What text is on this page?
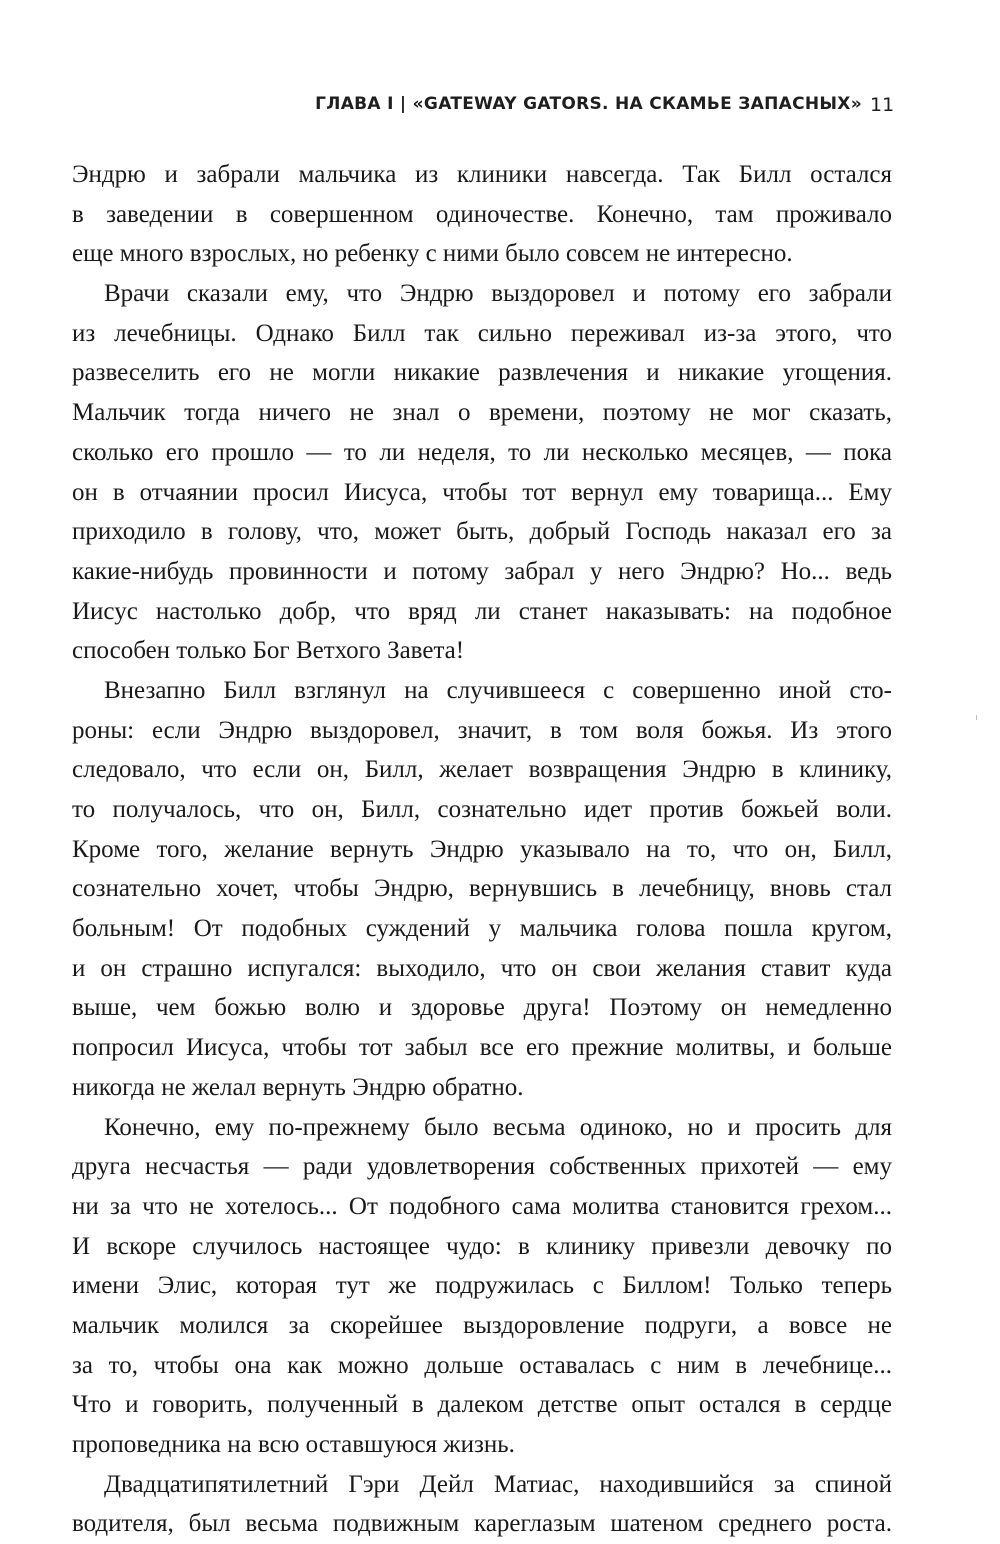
ГЛАВА I | «GATEWAY GATORS. НА СКАМЬЕ ЗАПАСНЫХ» 11
Эндрю и забрали мальчика из клиники навсегда. Так Билл остался
в заведении в совершенном одиночестве. Конечно, там проживало
еще много взрослых, но ребенку с ними было совсем не интересно.
Врачи сказали ему, что Эндрю выздоровел и потому его забрали
из лечебницы. Однако Билл так сильно переживал из-за этого, что
развеселить его не могли никакие развлечения и никакие угощения.
Мальчик тогда ничего не знал о времени, поэтому не мог сказать,
сколько его прошло — то ли неделя, то ли несколько месяцев, — пока
он в отчаянии просил Иисуса, чтобы тот вернул ему товарища... Ему
приходило в голову, что, может быть, добрый Господь наказал его за
какие-нибудь провинности и потому забрал у него Эндрю? Но... ведь
Иисус настолько добр, что вряд ли станет наказывать: на подобное
способен только Бог Ветхого Завета!
Внезапно Билл взглянул на случившееся с совершенно иной сто-
роны: если Эндрю выздоровел, значит, в том воля божья. Из этого
следовало, что если он, Билл, желает возвращения Эндрю в клинику,
то получалось, что он, Билл, сознательно идет против божьей воли.
Кроме того, желание вернуть Эндрю указывало на то, что он, Билл,
сознательно хочет, чтобы Эндрю, вернувшись в лечебницу, вновь стал
больным! От подобных суждений у мальчика голова пошла кругом,
и он страшно испугался: выходило, что он свои желания ставит куда
выше, чем божью волю и здоровье друга! Поэтому он немедленно
попросил Иисуса, чтобы тот забыл все его прежние молитвы, и больше
никогда не желал вернуть Эндрю обратно.
Конечно, ему по-прежнему было весьма одиноко, но и просить для
друга несчастья — ради удовлетворения собственных прихотей — ему
ни за что не хотелось... От подобного сама молитва становится грехом...
И вскоре случилось настоящее чудо: в клинику привезли девочку по
имени Элис, которая тут же подружилась с Биллом! Только теперь
мальчик молился за скорейшее выздоровление подруги, а вовсе не
за то, чтобы она как можно дольше оставалась с ним в лечебнице...
Что и говорить, полученный в далеком детстве опыт остался в сердце
проповедника на всю оставшуюся жизнь.
Двадцатипятилетний Гэри Дейл Матиас, находившийся за спиной
водителя, был весьма подвижным кареглазым шатеном среднего роста.
